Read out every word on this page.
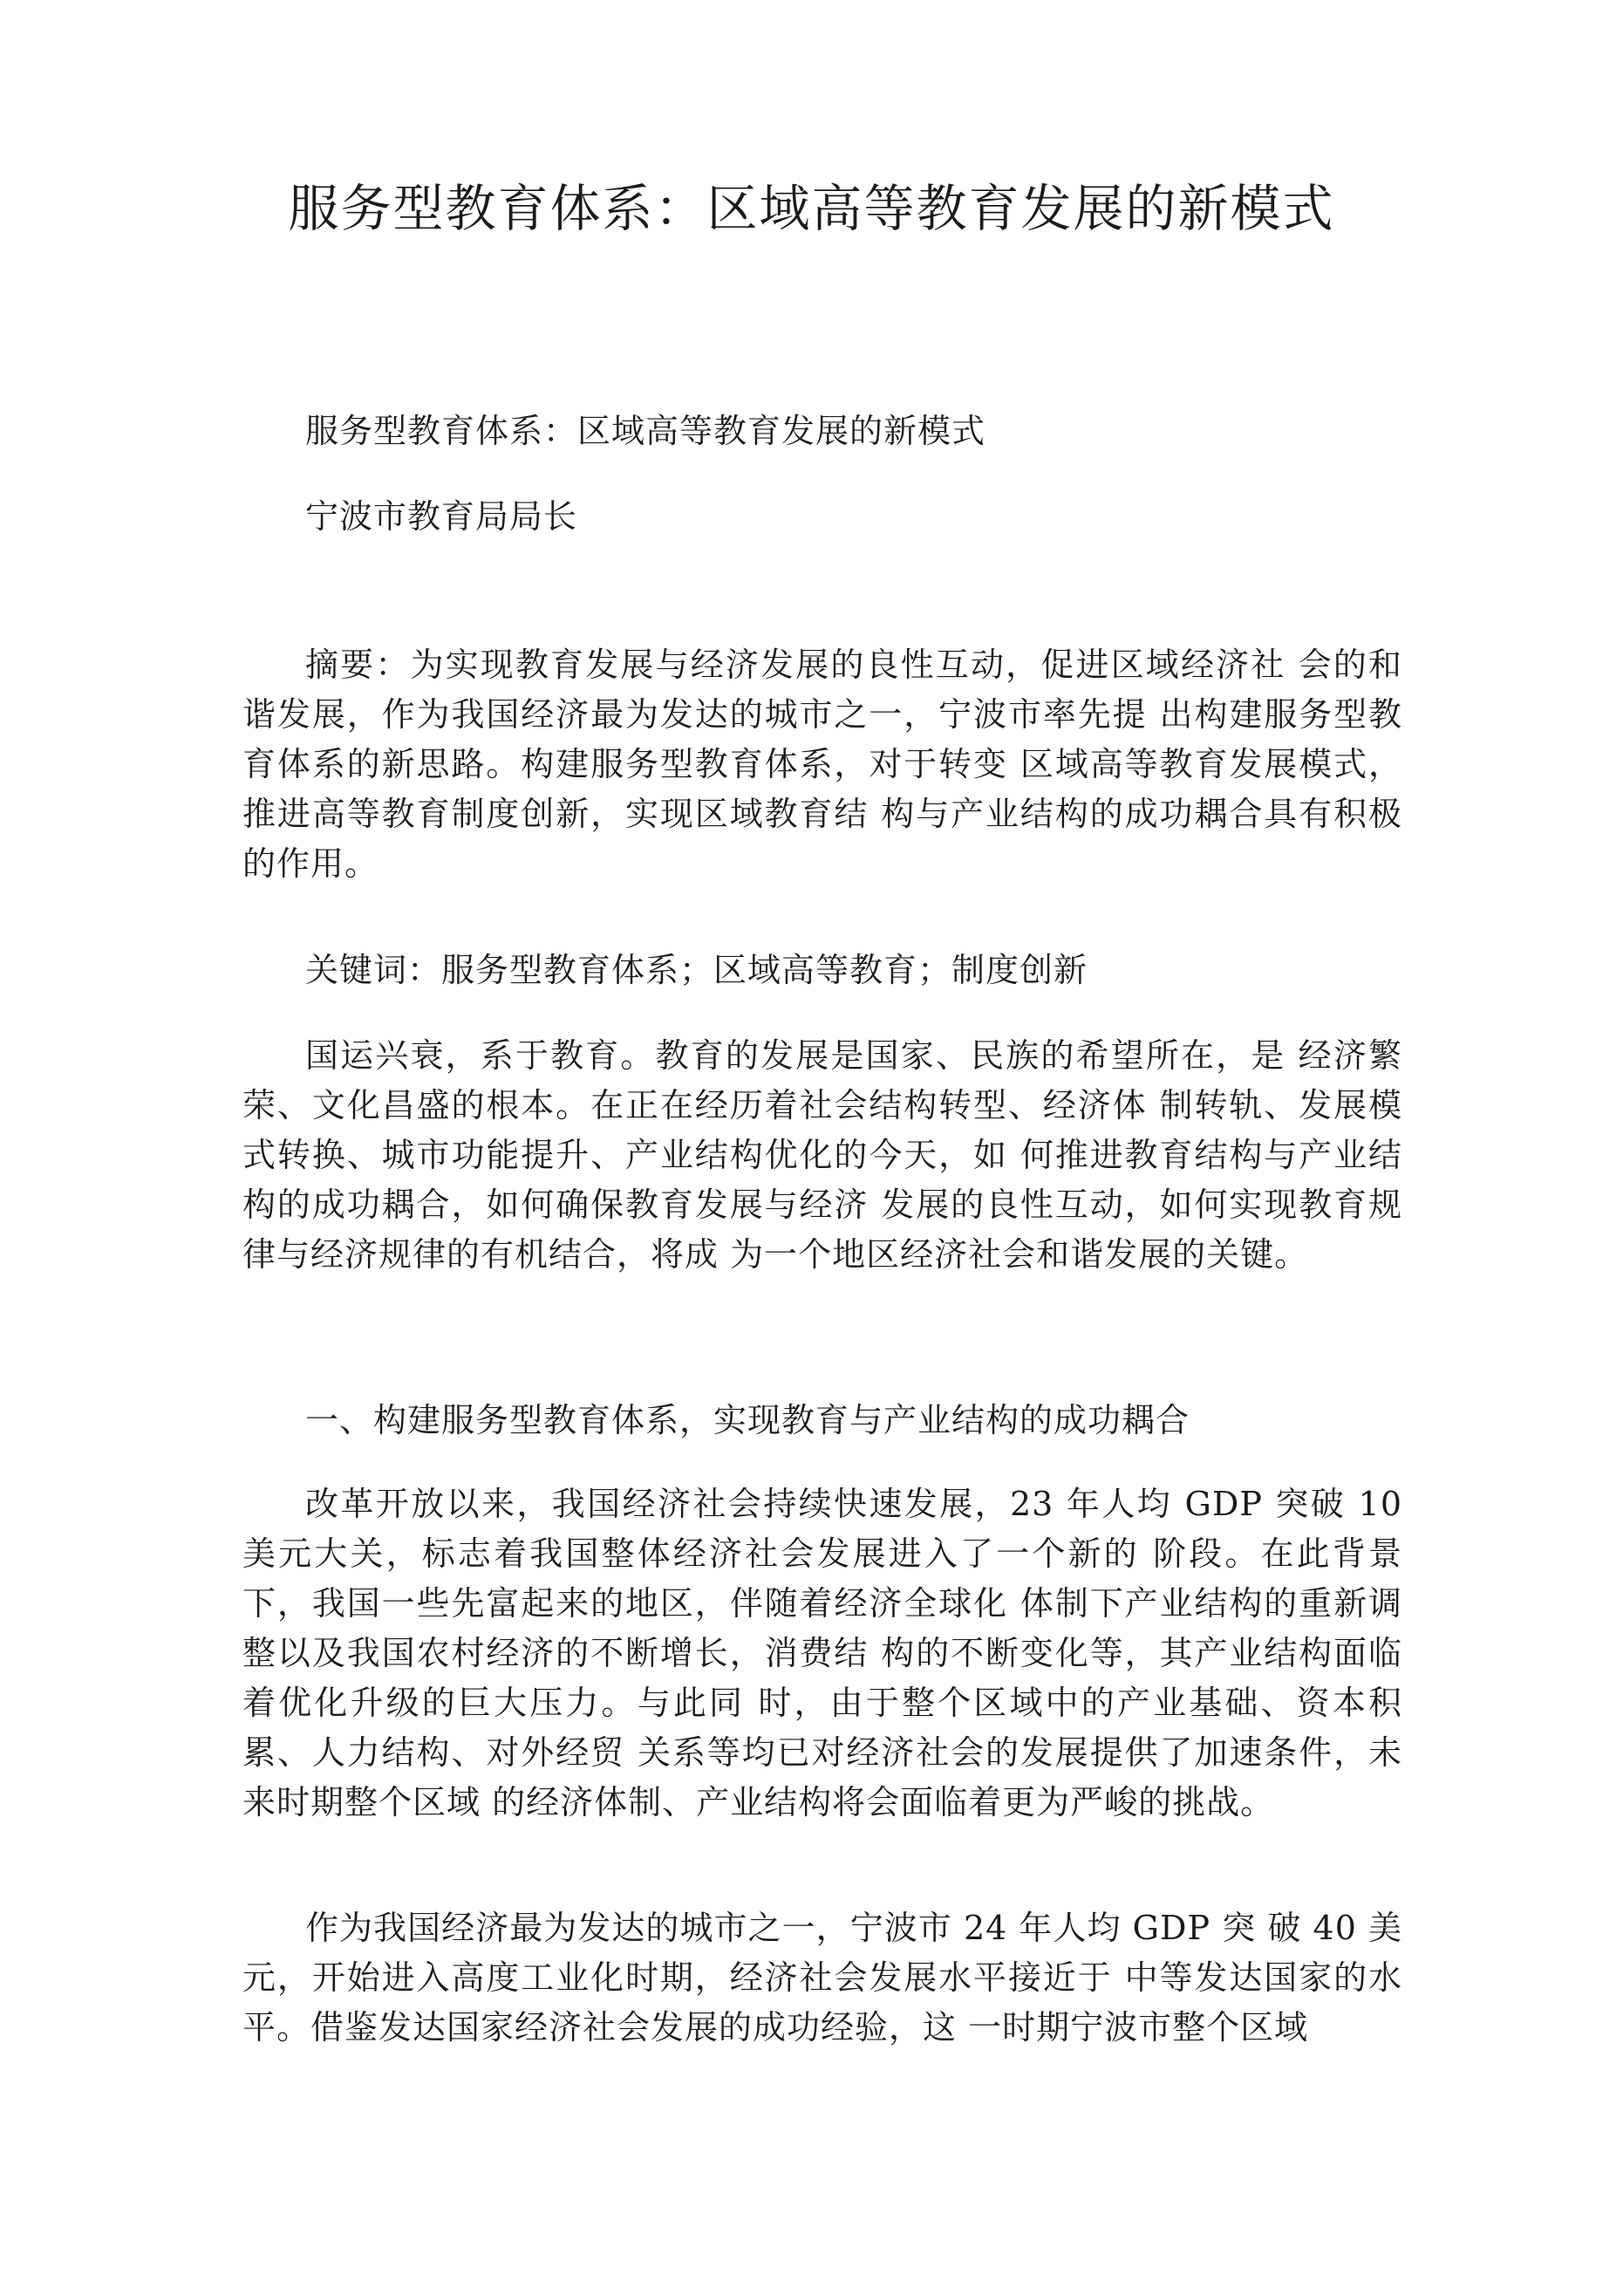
服务型教育体系：区域高等教育发展的新模式

服务型教育体系：区域高等教育发展的新模式

宁波市教育局局长

摘要：为实现教育发展与经济发展的良性互动，促进区域经济社 会的和谐发展，作为我国经济最为发达的城市之一，宁波市率先提 出构建服务型教育体系的新思路。构建服务型教育体系，对于转变 区域高等教育发展模式，推进高等教育制度创新，实现区域教育结 构与产业结构的成功耦合具有积极的作用。

关键词：服务型教育体系；区域高等教育；制度创新

国运兴衰，系于教育。教育的发展是国家、民族的希望所在，是 经济繁荣、文化昌盛的根本。在正在经历着社会结构转型、经济体 制转轨、发展模式转换、城市功能提升、产业结构优化的今天，如 何推进教育结构与产业结构的成功耦合，如何确保教育发展与经济 发展的良性互动，如何实现教育规律与经济规律的有机结合，将成 为一个地区经济社会和谐发展的关键。

一、构建服务型教育体系，实现教育与产业结构的成功耦合

改革开放以来，我国经济社会持续快速发展，23 年人均 GDP 突破 10 美元大关，标志着我国整体经济社会发展进入了一个新的 阶段。在此背景下，我国一些先富起来的地区，伴随着经济全球化 体制下产业结构的重新调整以及我国农村经济的不断增长，消费结 构的不断变化等，其产业结构面临着优化升级的巨大压力。与此同 时，由于整个区域中的产业基础、资本积累、人力结构、对外经贸 关系等均已对经济社会的发展提供了加速条件，未来时期整个区域 的经济体制、产业结构将会面临着更为严峻的挑战。

作为我国经济最为发达的城市之一，宁波市 24 年人均 GDP 突 破 40 美元，开始进入高度工业化时期，经济社会发展水平接近于 中等发达国家的水平。借鉴发达国家经济社会发展的成功经验，这 一时期宁波市整个区域
